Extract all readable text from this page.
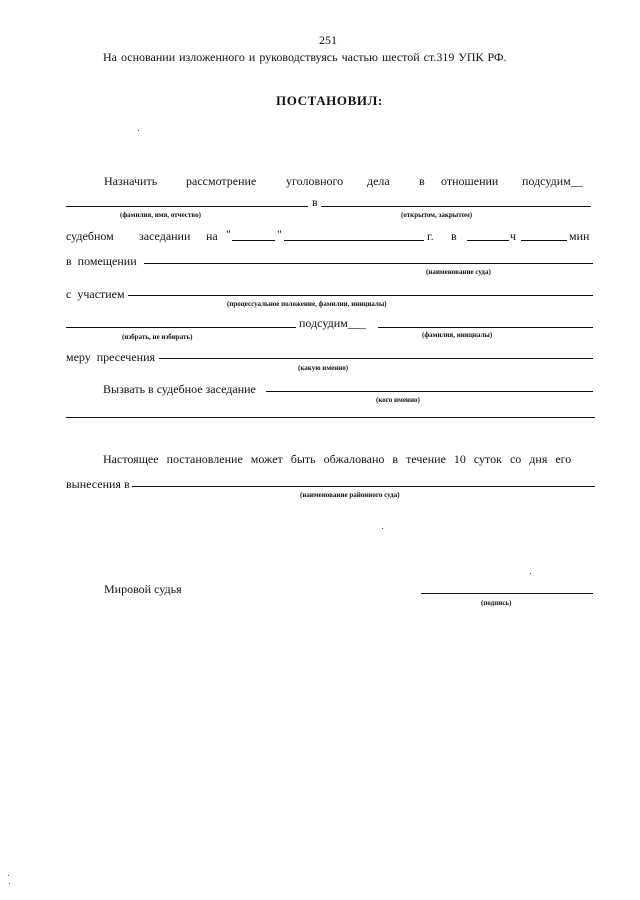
251
На основании изложенного и руководствуясь частью шестой ст.319 УПК РФ.
ПОСТАНОВИЛ:
Назначить рассмотрение уголовного дела в отношении подсудим__
в
(фамилия, имя, отчество)	(открытом, закрытом)
судебном заседании на "	"	г. в	ч	мин
в помещении
(наименование суда)
с участием
(процессуальное положение, фамилии, инициалы)
подсудим___
(избрать, не избирать)	(фамилия, инициалы)
меру пресечения
(какую именно)
Вызвать в судебное заседание
(кого именно)
Настоящее постановление может быть обжаловано в течение 10 суток со дня его
вынесения в
(наименование районного суда)
Мировой судья
(подпись)
